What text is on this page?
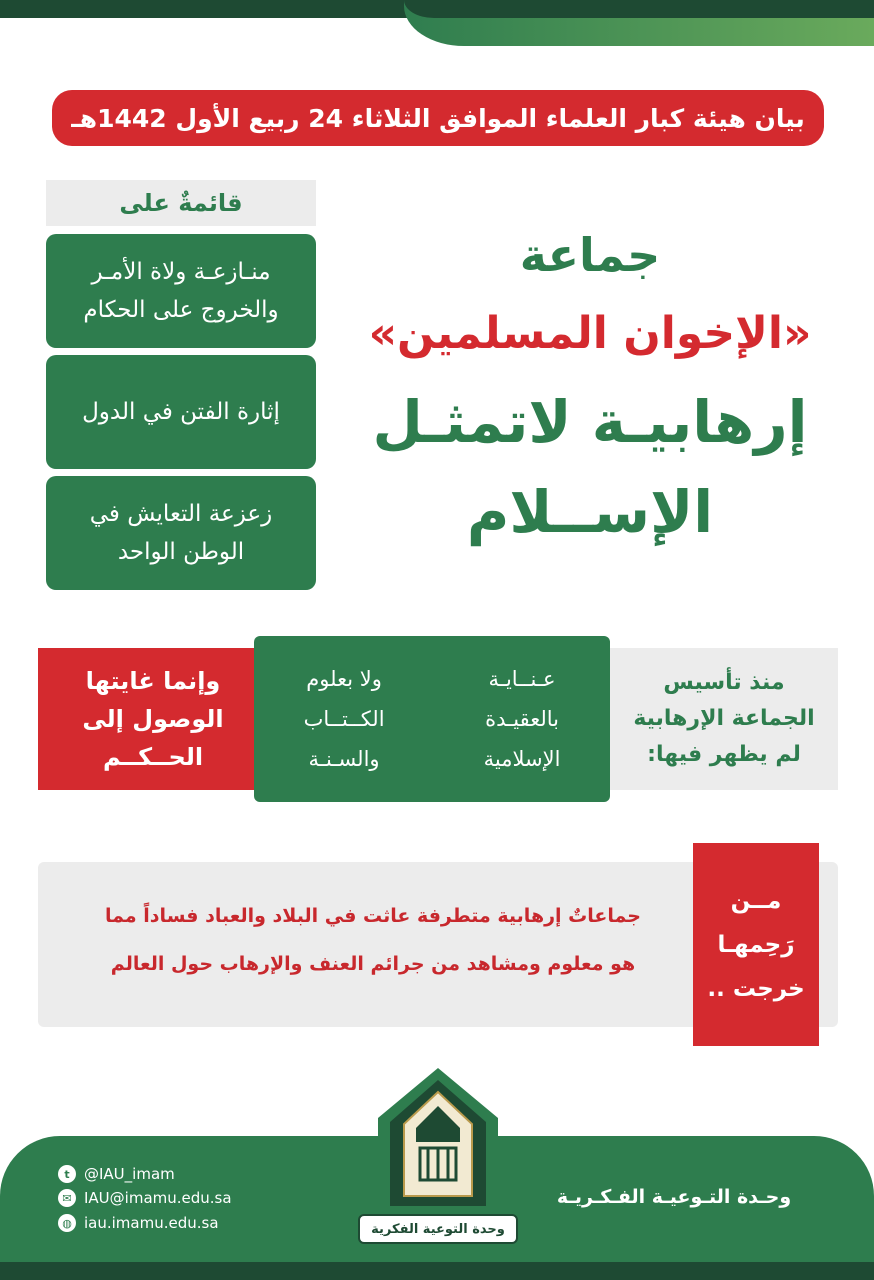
بيان هيئة كبار العلماء الموافق الثلاثاء 24 ربيع الأول 1442هـ
قائمةٌ على
منـازعـة ولاة الأمـر
والخروج على الحكام
إثارة الفتن في الدول
زعزعة التعايش في
الوطن الواحد
جماعة
«الإخوان المسلمين»
إرهابيـة لاتمثـل
الإســلام
منذ تأسيس
الجماعة الإرهابية
لم يظهر فيها:
وإنما غايتها
الوصول إلى
الحــكــم
عـنــايـة
بالعقيـدة
الإسلامية
ولا بعلوم
الكــتــاب
والسـنـة
جماعاتٌ إرهابية متطرفة عاثت في البلاد والعباد فساداً مما
هو معلوم ومشاهد من جرائم العنف والإرهاب حول العالم
مــن
رَحِمهـا
خرجت ..
t @IAU_imam
✉ IAU@imamu.edu.sa
◍ iau.imamu.edu.sa
وحـدة التـوعيـة الفـكـريـة
وحدة التوعية الفكرية
